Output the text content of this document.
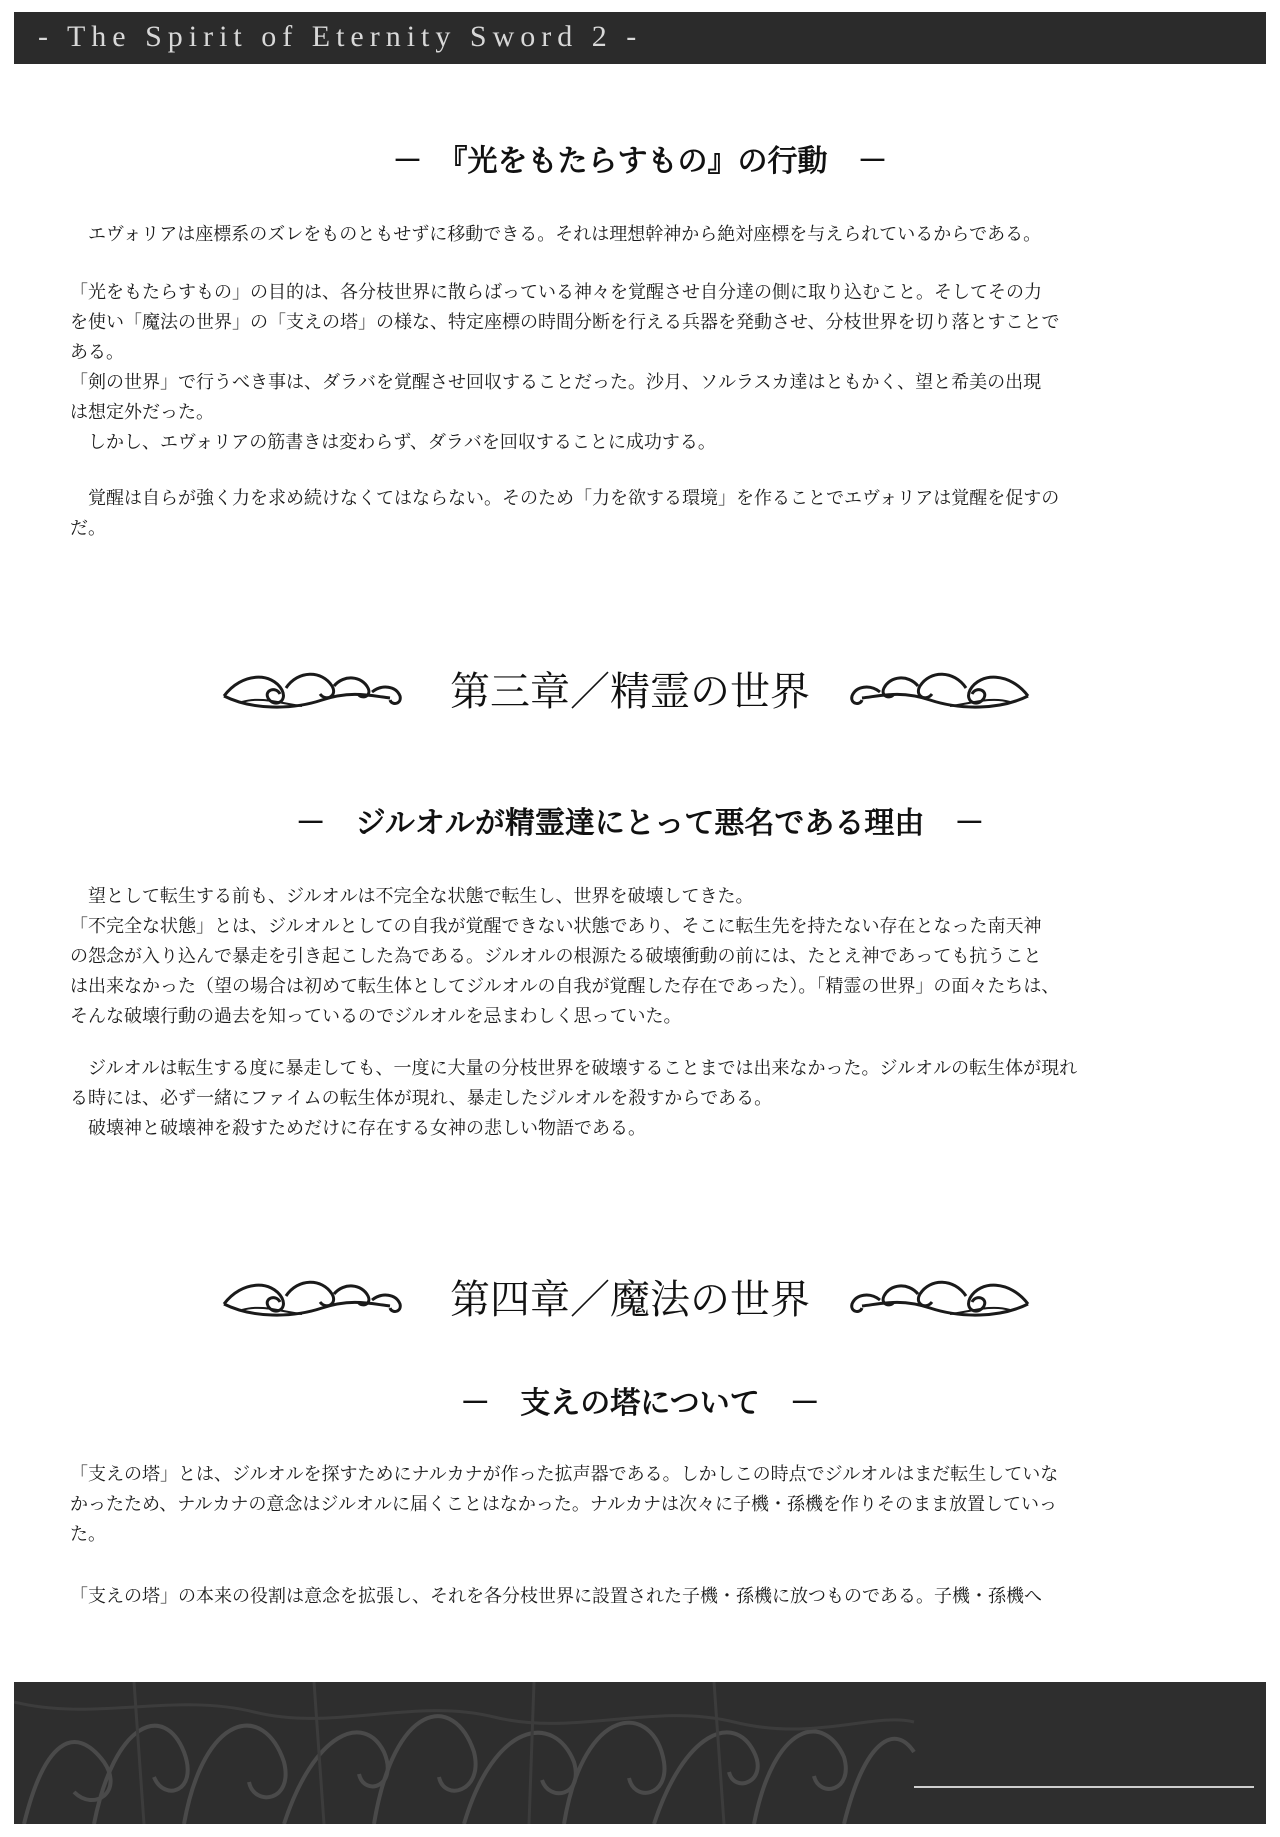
- The Spirit of Eternity Sword 2 -
－　『光をもたらすもの』の行動　－
　エヴォリアは座標系のズレをものともせずに移動できる。それは理想幹神から絶対座標を与えられているからである。
「光をもたらすもの」の目的は、各分枝世界に散らばっている神々を覚醒させ自分達の側に取り込むこと。そしてその力
を使い「魔法の世界」の「支えの塔」の様な、特定座標の時間分断を行える兵器を発動させ、分枝世界を切り落とすことで
ある。
「剣の世界」で行うべき事は、ダラバを覚醒させ回収することだった。沙月、ソルラスカ達はともかく、望と希美の出現
は想定外だった。
　しかし、エヴォリアの筋書きは変わらず、ダラバを回収することに成功する。
　覚醒は自らが強く力を求め続けなくてはならない。そのため「力を欲する環境」を作ることでエヴォリアは覚醒を促すの
だ。
第三章／精霊の世界
－　ジルオルが精霊達にとって悪名である理由　－
　望として転生する前も、ジルオルは不完全な状態で転生し、世界を破壊してきた。
「不完全な状態」とは、ジルオルとしての自我が覚醒できない状態であり、そこに転生先を持たない存在となった南天神
の怨念が入り込んで暴走を引き起こした為である。ジルオルの根源たる破壊衝動の前には、たとえ神であっても抗うこと
は出来なかった（望の場合は初めて転生体としてジルオルの自我が覚醒した存在であった）。「精霊の世界」の面々たちは、
そんな破壊行動の過去を知っているのでジルオルを忌まわしく思っていた。
　ジルオルは転生する度に暴走しても、一度に大量の分枝世界を破壊することまでは出来なかった。ジルオルの転生体が現れ
る時には、必ず一緒にファイムの転生体が現れ、暴走したジルオルを殺すからである。
　破壊神と破壊神を殺すためだけに存在する女神の悲しい物語である。
第四章／魔法の世界
－　支えの塔について　－
「支えの塔」とは、ジルオルを探すためにナルカナが作った拡声器である。しかしこの時点でジルオルはまだ転生していな
かったため、ナルカナの意念はジルオルに届くことはなかった。ナルカナは次々に子機・孫機を作りそのまま放置していっ
た。
「支えの塔」の本来の役割は意念を拡張し、それを各分枝世界に設置された子機・孫機に放つものである。子機・孫機へ
